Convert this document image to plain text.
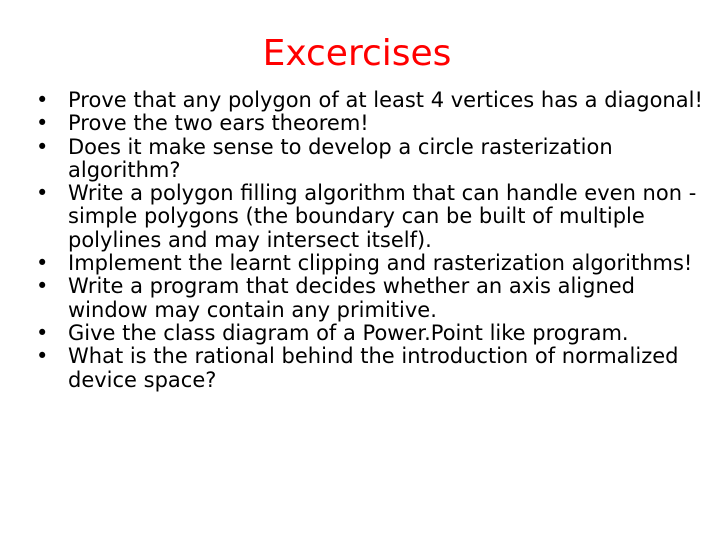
Excercises
• Prove that any polygon of at least 4 vertices has a diagonal!
• Prove the two ears theorem!
• Does it make sense to develop a circle rasterization algorithm?
• Write a polygon filling algorithm that can handle even non -simple polygons (the boundary can be built of multiple polylines and may intersect itself).
• Implement the learnt clipping and rasterization algorithms!
• Write a program that decides whether an axis aligned window may contain any primitive.
• Give the class diagram of a Power.Point like program.
• What is the rational behind the introduction of normalized device space?
